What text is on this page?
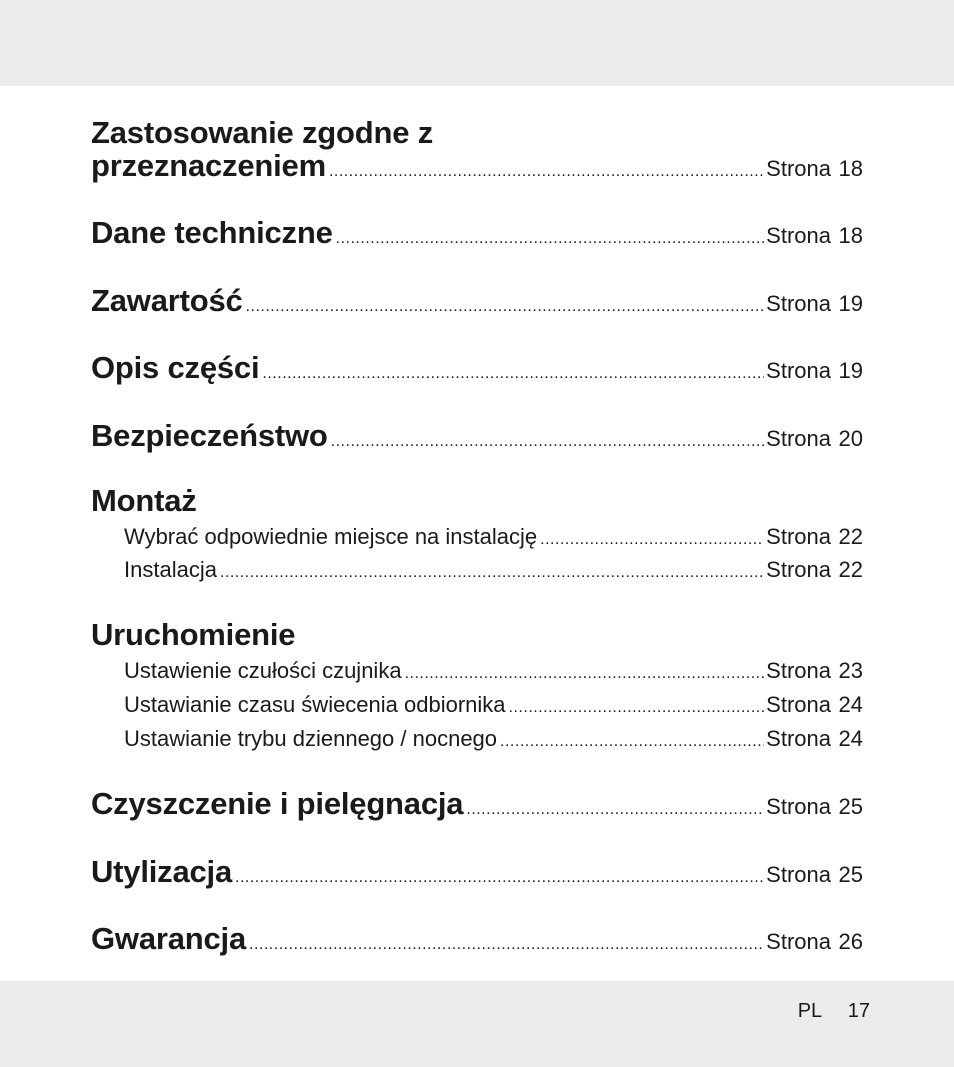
Zastosowanie zgodne z
przeznaczeniem .....	Strona 18
Dane techniczne .....	Strona 18
Zawartość .....	Strona 19
Opis części .....	Strona 19
Bezpieczeństwo .....	Strona 20
Montaż
Wybrać odpowiednie miejsce na instalację .....	Strona 22
Instalacja .....	Strona 22
Uruchomienie
Ustawienie czułości czujnika .....	Strona 23
Ustawianie czasu świecenia odbiornika .....	Strona 24
Ustawianie trybu dziennego / nocnego .....	Strona 24
Czyszczenie i pielęgnacja .....	Strona 25
Utylizacja .....	Strona 25
Gwarancja .....	Strona 26
PL 17
